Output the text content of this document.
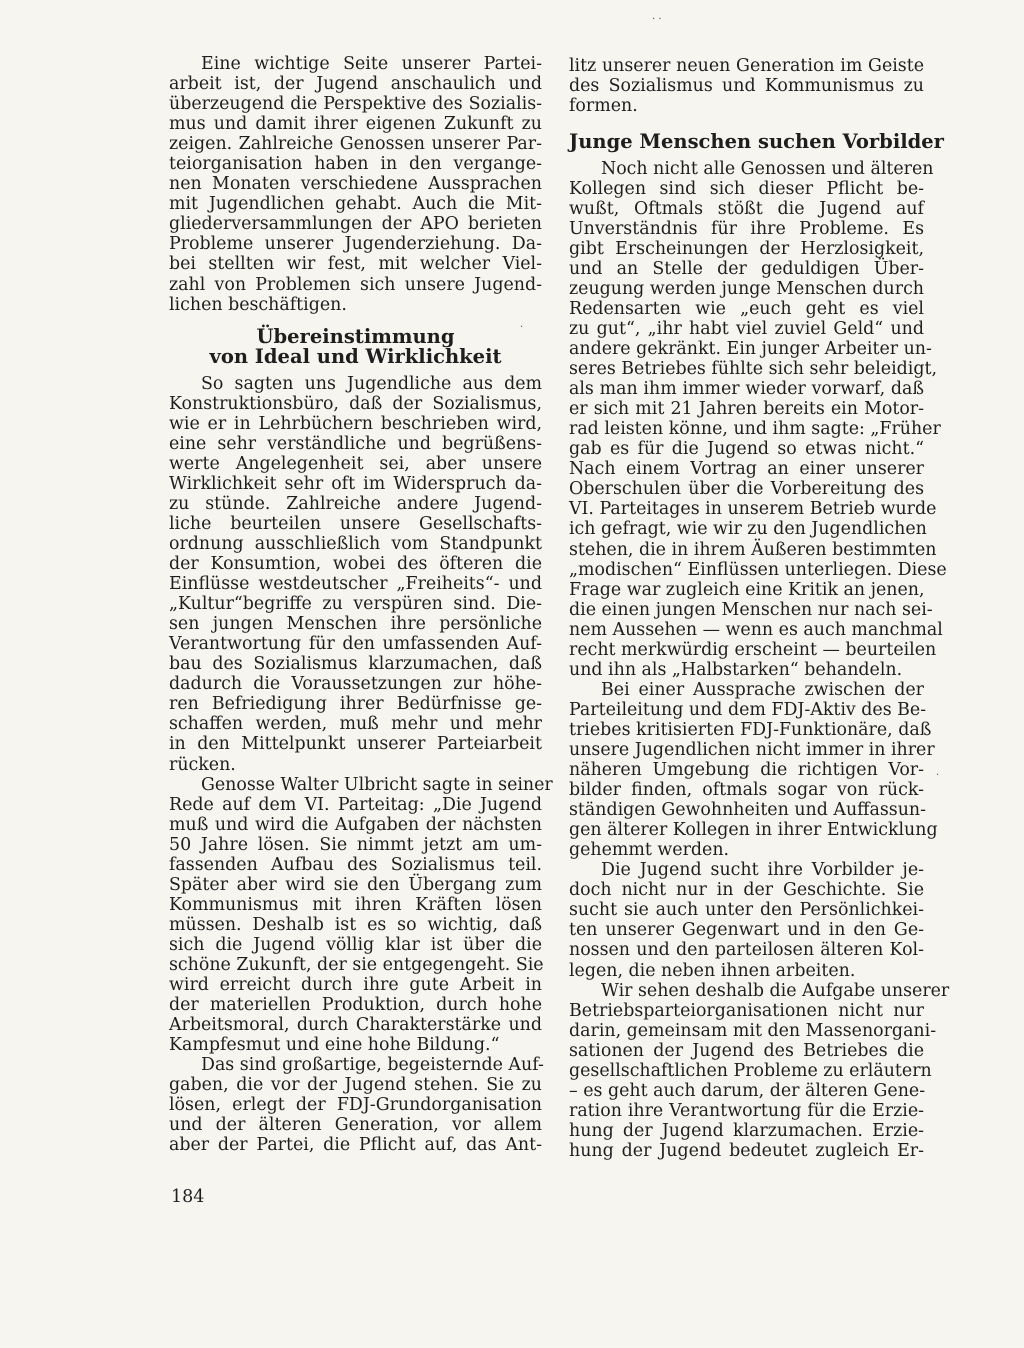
Eine wichtige Seite unserer Partei-
arbeit ist, der Jugend anschaulich und
überzeugend die Perspektive des Sozialis-
mus und damit ihrer eigenen Zukunft zu
zeigen. Zahlreiche Genossen unserer Par-
teiorganisation haben in den vergange-
nen Monaten verschiedene Aussprachen
mit Jugendlichen gehabt. Auch die Mit-
gliederversammlungen der APO berieten
Probleme unserer Jugenderziehung. Da-
bei stellten wir fest, mit welcher Viel-
zahl von Problemen sich unsere Jugend-
lichen beschäftigen.
Übereinstimmung
von Ideal und Wirklichkeit
So sagten uns Jugendliche aus dem
Konstruktionsbüro, daß der Sozialismus,
wie er in Lehrbüchern beschrieben wird,
eine sehr verständliche und begrüßens-
werte Angelegenheit sei, aber unsere
Wirklichkeit sehr oft im Widerspruch da-
zu stünde. Zahlreiche andere Jugend-
liche beurteilen unsere Gesellschafts-
ordnung ausschließlich vom Standpunkt
der Konsumtion, wobei des öfteren die
Einflüsse westdeutscher „Freiheits“- und
„Kultur“begriffe zu verspüren sind. Die-
sen jungen Menschen ihre persönliche
Verantwortung für den umfassenden Auf-
bau des Sozialismus klarzumachen, daß
dadurch die Voraussetzungen zur höhe-
ren Befriedigung ihrer Bedürfnisse ge-
schaffen werden, muß mehr und mehr
in den Mittelpunkt unserer Parteiarbeit
rücken.
Genosse Walter Ulbricht sagte in seiner
Rede auf dem VI. Parteitag: „Die Jugend
muß und wird die Aufgaben der nächsten
50 Jahre lösen. Sie nimmt jetzt am um-
fassenden Aufbau des Sozialismus teil.
Später aber wird sie den Übergang zum
Kommunismus mit ihren Kräften lösen
müssen. Deshalb ist es so wichtig, daß
sich die Jugend völlig klar ist über die
schöne Zukunft, der sie entgegengeht. Sie
wird erreicht durch ihre gute Arbeit in
der materiellen Produktion, durch hohe
Arbeitsmoral, durch Charakterstärke und
Kampfesmut und eine hohe Bildung.“
Das sind großartige, begeisternde Auf-
gaben, die vor der Jugend stehen. Sie zu
lösen, erlegt der FDJ-Grundorganisation
und der älteren Generation, vor allem
aber der Partei, die Pflicht auf, das Ant-
litz unserer neuen Generation im Geiste
des Sozialismus und Kommunismus zu
formen.
Junge Menschen suchen Vorbilder
Noch nicht alle Genossen und älteren
Kollegen sind sich dieser Pflicht be-
wußt, Oftmals stößt die Jugend auf
Unverständnis für ihre Probleme. Es
gibt Erscheinungen der Herzlosigkeit,
und an Stelle der geduldigen Über-
zeugung werden junge Menschen durch
Redensarten wie „euch geht es viel
zu gut“, „ihr habt viel zuviel Geld“ und
andere gekränkt. Ein junger Arbeiter un-
seres Betriebes fühlte sich sehr beleidigt,
als man ihm immer wieder vorwarf, daß
er sich mit 21 Jahren bereits ein Motor-
rad leisten könne, und ihm sagte: „Früher
gab es für die Jugend so etwas nicht.“
Nach einem Vortrag an einer unserer
Oberschulen über die Vorbereitung des
VI. Parteitages in unserem Betrieb wurde
ich gefragt, wie wir zu den Jugendlichen
stehen, die in ihrem Äußeren bestimmten
„modischen“ Einflüssen unterliegen. Diese
Frage war zugleich eine Kritik an jenen,
die einen jungen Menschen nur nach sei-
nem Aussehen — wenn es auch manchmal
recht merkwürdig erscheint — beurteilen
und ihn als „Halbstarken“ behandeln.
Bei einer Aussprache zwischen der
Parteileitung und dem FDJ-Aktiv des Be-
triebes kritisierten FDJ-Funktionäre, daß
unsere Jugendlichen nicht immer in ihrer
näheren Umgebung die richtigen Vor-
bilder finden, oftmals sogar von rück-
ständigen Gewohnheiten und Auffassun-
gen älterer Kollegen in ihrer Entwicklung
gehemmt werden.
Die Jugend sucht ihre Vorbilder je-
doch nicht nur in der Geschichte. Sie
sucht sie auch unter den Persönlichkei-
ten unserer Gegenwart und in den Ge-
nossen und den parteilosen älteren Kol-
legen, die neben ihnen arbeiten.
Wir sehen deshalb die Aufgabe unserer
Betriebsparteiorganisationen nicht nur
darin, gemeinsam mit den Massenorgani-
sationen der Jugend des Betriebes die
gesellschaftlichen Probleme zu erläutern
– es geht auch darum, der älteren Gene-
ration ihre Verantwortung für die Erzie-
hung der Jugend klarzumachen. Erzie-
hung der Jugend bedeutet zugleich Er-
184
· ·
·
·
